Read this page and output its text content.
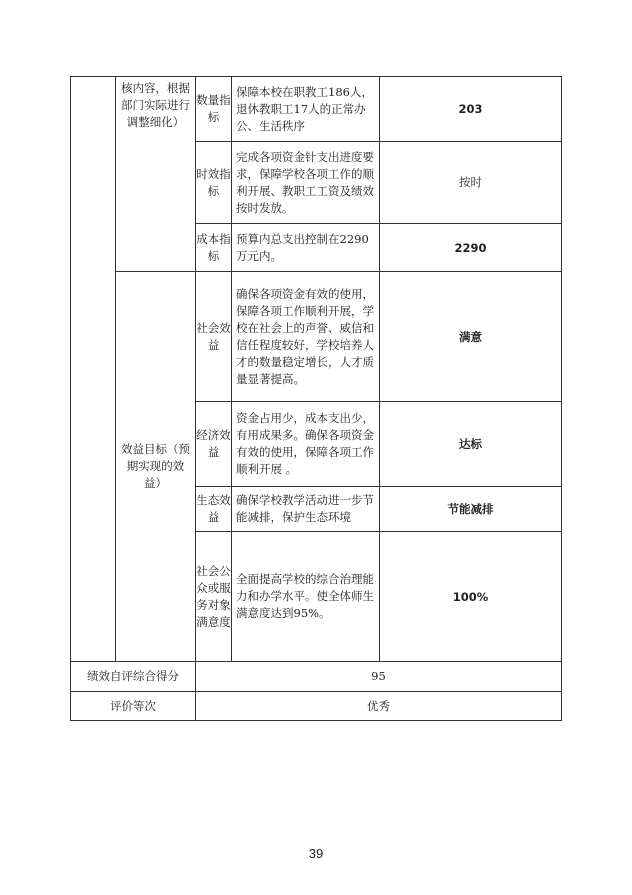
核内容，根据部门实际进行调整细化）
效益目标（预期实现的效益）
数量指标
保障本校在职教工186人，退休教职工17人的正常办公、生活秩序
203
时效指标
完成各项资金针支出进度要求，保障学校各项工作的顺利开展、教职工工资及绩效按时发放。
按时
成本指标
预算内总支出控制在2290万元内。
2290
社会效益
确保各项资金有效的使用，保障各项工作顺利开展，学校在社会上的声誉、威信和信任程度较好，学校培养人才的数量稳定增长，人才质量显著提高。
满意
经济效益
资金占用少，成本支出少，有用成果多。确保各项资金有效的使用，保障各项工作顺利开展 。
达标
生态效益
确保学校教学活动进一步节能减排，保护生态环境
节能减排
社会公众或服务对象满意度
全面提高学校的综合治理能力和办学水平。使全体师生满意度达到95%。
100%
绩效自评综合得分	95
评价等次	优秀
39
